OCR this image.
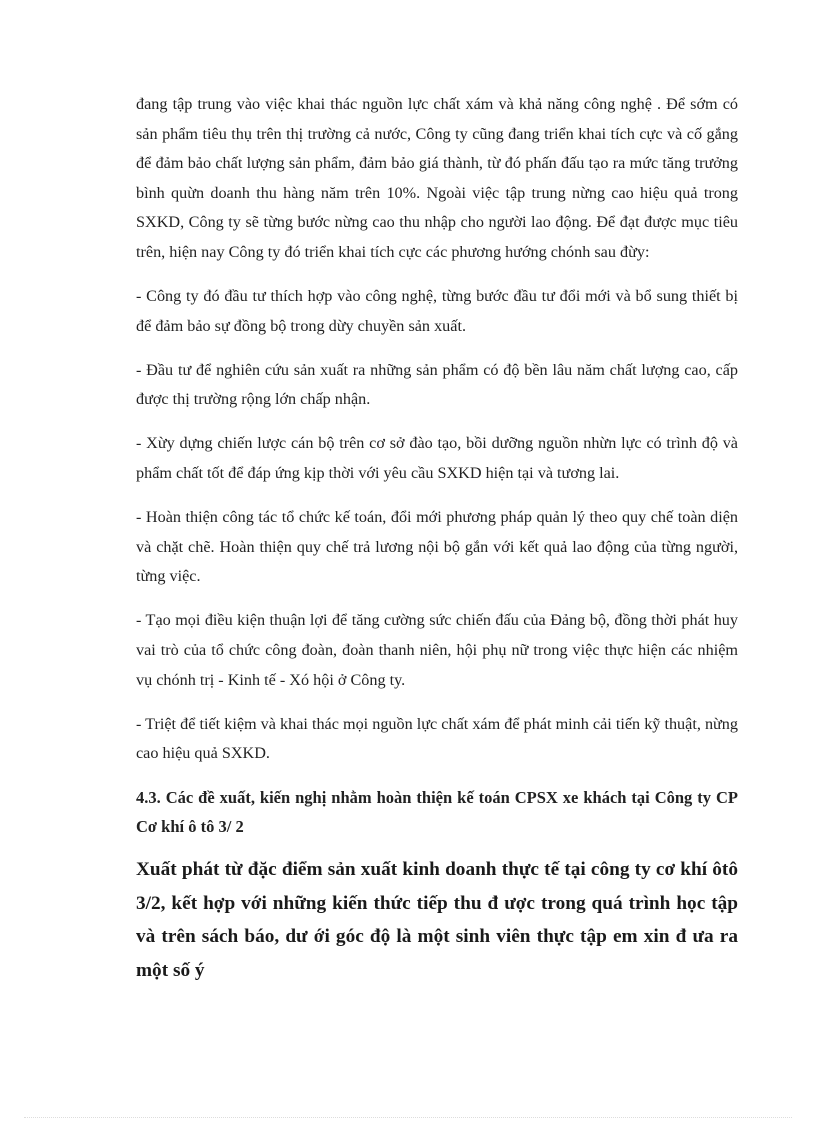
đang tập trung vào việc khai thác nguồn lực chất xám và khả năng công nghệ . Để sớm có sản phẩm tiêu thụ trên thị trường cả nước, Công ty cũng đang triển khai tích cực và cố gắng để đảm bảo chất lượng sản phẩm, đảm bảo giá thành, từ đó phấn đấu tạo ra mức tăng trưởng bình quừn doanh thu hàng năm trên 10%. Ngoài việc tập trung nừng cao hiệu quả trong SXKD, Công ty sẽ từng bước nừng cao thu nhập cho người lao động. Để đạt được mục tiêu trên, hiện nay Công ty đó triển khai tích cực các phương hướng chónh sau đừy:

- Công ty đó đầu tư thích hợp vào công nghệ, từng bước đầu tư đổi mới và bổ sung thiết bị để đảm bảo sự đồng bộ trong dừy chuyền sản xuất.

- Đầu tư để nghiên cứu sản xuất ra những sản phẩm có độ bền lâu năm chất lượng cao, cấp được thị trường rộng lớn chấp nhận.

- Xừy dựng chiến lược cán bộ trên cơ sở đào tạo, bồi dưỡng nguồn nhừn lực có trình độ và phẩm chất tốt để đáp ứng kịp thời với yêu cầu SXKD hiện tại và tương lai.

- Hoàn thiện công tác tổ chức kế toán, đổi mới phương pháp quản lý theo quy chế toàn diện và chặt chẽ. Hoàn thiện quy chế trả lương nội bộ gắn với kết quả lao động của từng người, từng việc.

- Tạo mọi điều kiện thuận lợi để tăng cường sức chiến đấu của Đảng bộ, đồng thời phát huy vai trò của tổ chức công đoàn, đoàn thanh niên, hội phụ nữ trong việc thực hiện các nhiệm vụ chónh trị - Kinh tế - Xó hội ở Công ty.

- Triệt để tiết kiệm và khai thác mọi nguồn lực chất xám để phát minh cải tiến kỹ thuật, nừng cao hiệu quả SXKD.

4.3. Các đề xuất, kiến nghị nhằm hoàn thiện kế toán CPSX xe khách tại Công ty CP Cơ khí ô tô 3/ 2

Xuất phát từ đặc điểm sản xuất kinh doanh thực tế tại công ty cơ khí ôtô 3/2, kết hợp với những kiến thức tiếp thu đ ược trong quá trình học tập và trên sách báo, dư ới góc độ là một sinh viên thực tập em xin đ ưa ra một số ý
